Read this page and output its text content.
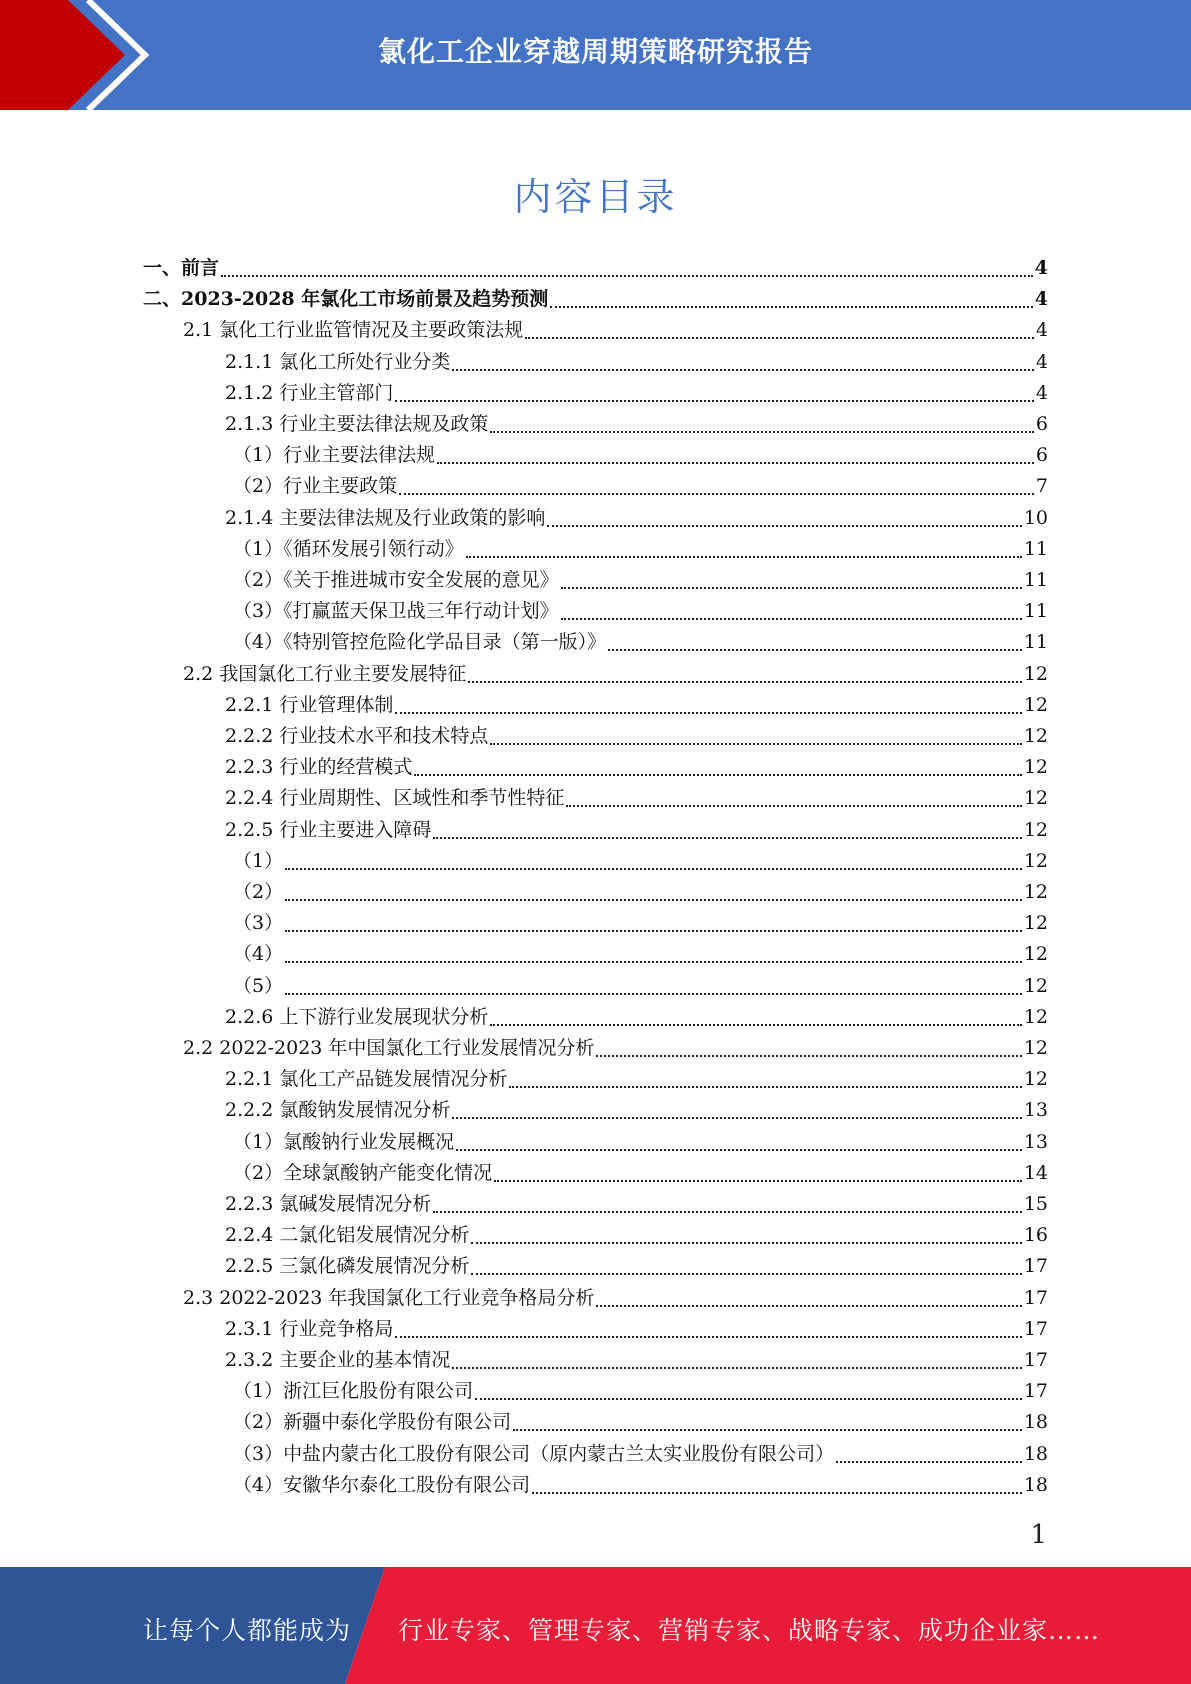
氯化工企业穿越周期策略研究报告
内容目录
一、前言	4
二、2023-2028 年氯化工市场前景及趋势预测	4
2.1 氯化工行业监管情况及主要政策法规	4
2.1.1 氯化工所处行业分类	4
2.1.2 行业主管部门	4
2.1.3 行业主要法律法规及政策	6
（1）行业主要法律法规	6
（2）行业主要政策	7
2.1.4 主要法律法规及行业政策的影响	10
（1）《循环发展引领行动》	11
（2）《关于推进城市安全发展的意见》	11
（3）《打赢蓝天保卫战三年行动计划》	11
（4）《特别管控危险化学品目录（第一版）》	11
2.2 我国氯化工行业主要发展特征	12
2.2.1 行业管理体制	12
2.2.2 行业技术水平和技术特点	12
2.2.3 行业的经营模式	12
2.2.4 行业周期性、区域性和季节性特征	12
2.2.5 行业主要进入障碍	12
（1）	12
（2）	12
（3）	12
（4）	12
（5）	12
2.2.6 上下游行业发展现状分析	12
2.2 2022-2023 年中国氯化工行业发展情况分析	12
2.2.1 氯化工产品链发展情况分析	12
2.2.2 氯酸钠发展情况分析	13
（1）氯酸钠行业发展概况	13
（2）全球氯酸钠产能变化情况	14
2.2.3 氯碱发展情况分析	15
2.2.4 二氯化铝发展情况分析	16
2.2.5 三氯化磷发展情况分析	17
2.3 2022-2023 年我国氯化工行业竞争格局分析	17
2.3.1 行业竞争格局	17
2.3.2 主要企业的基本情况	17
（1）浙江巨化股份有限公司	17
（2）新疆中泰化学股份有限公司	18
（3）中盐内蒙古化工股份有限公司（原内蒙古兰太实业股份有限公司）	18
（4）安徽华尔泰化工股份有限公司	18
1
让每个人都能成为 行业专家、管理专家、营销专家、战略专家、成功企业家……
